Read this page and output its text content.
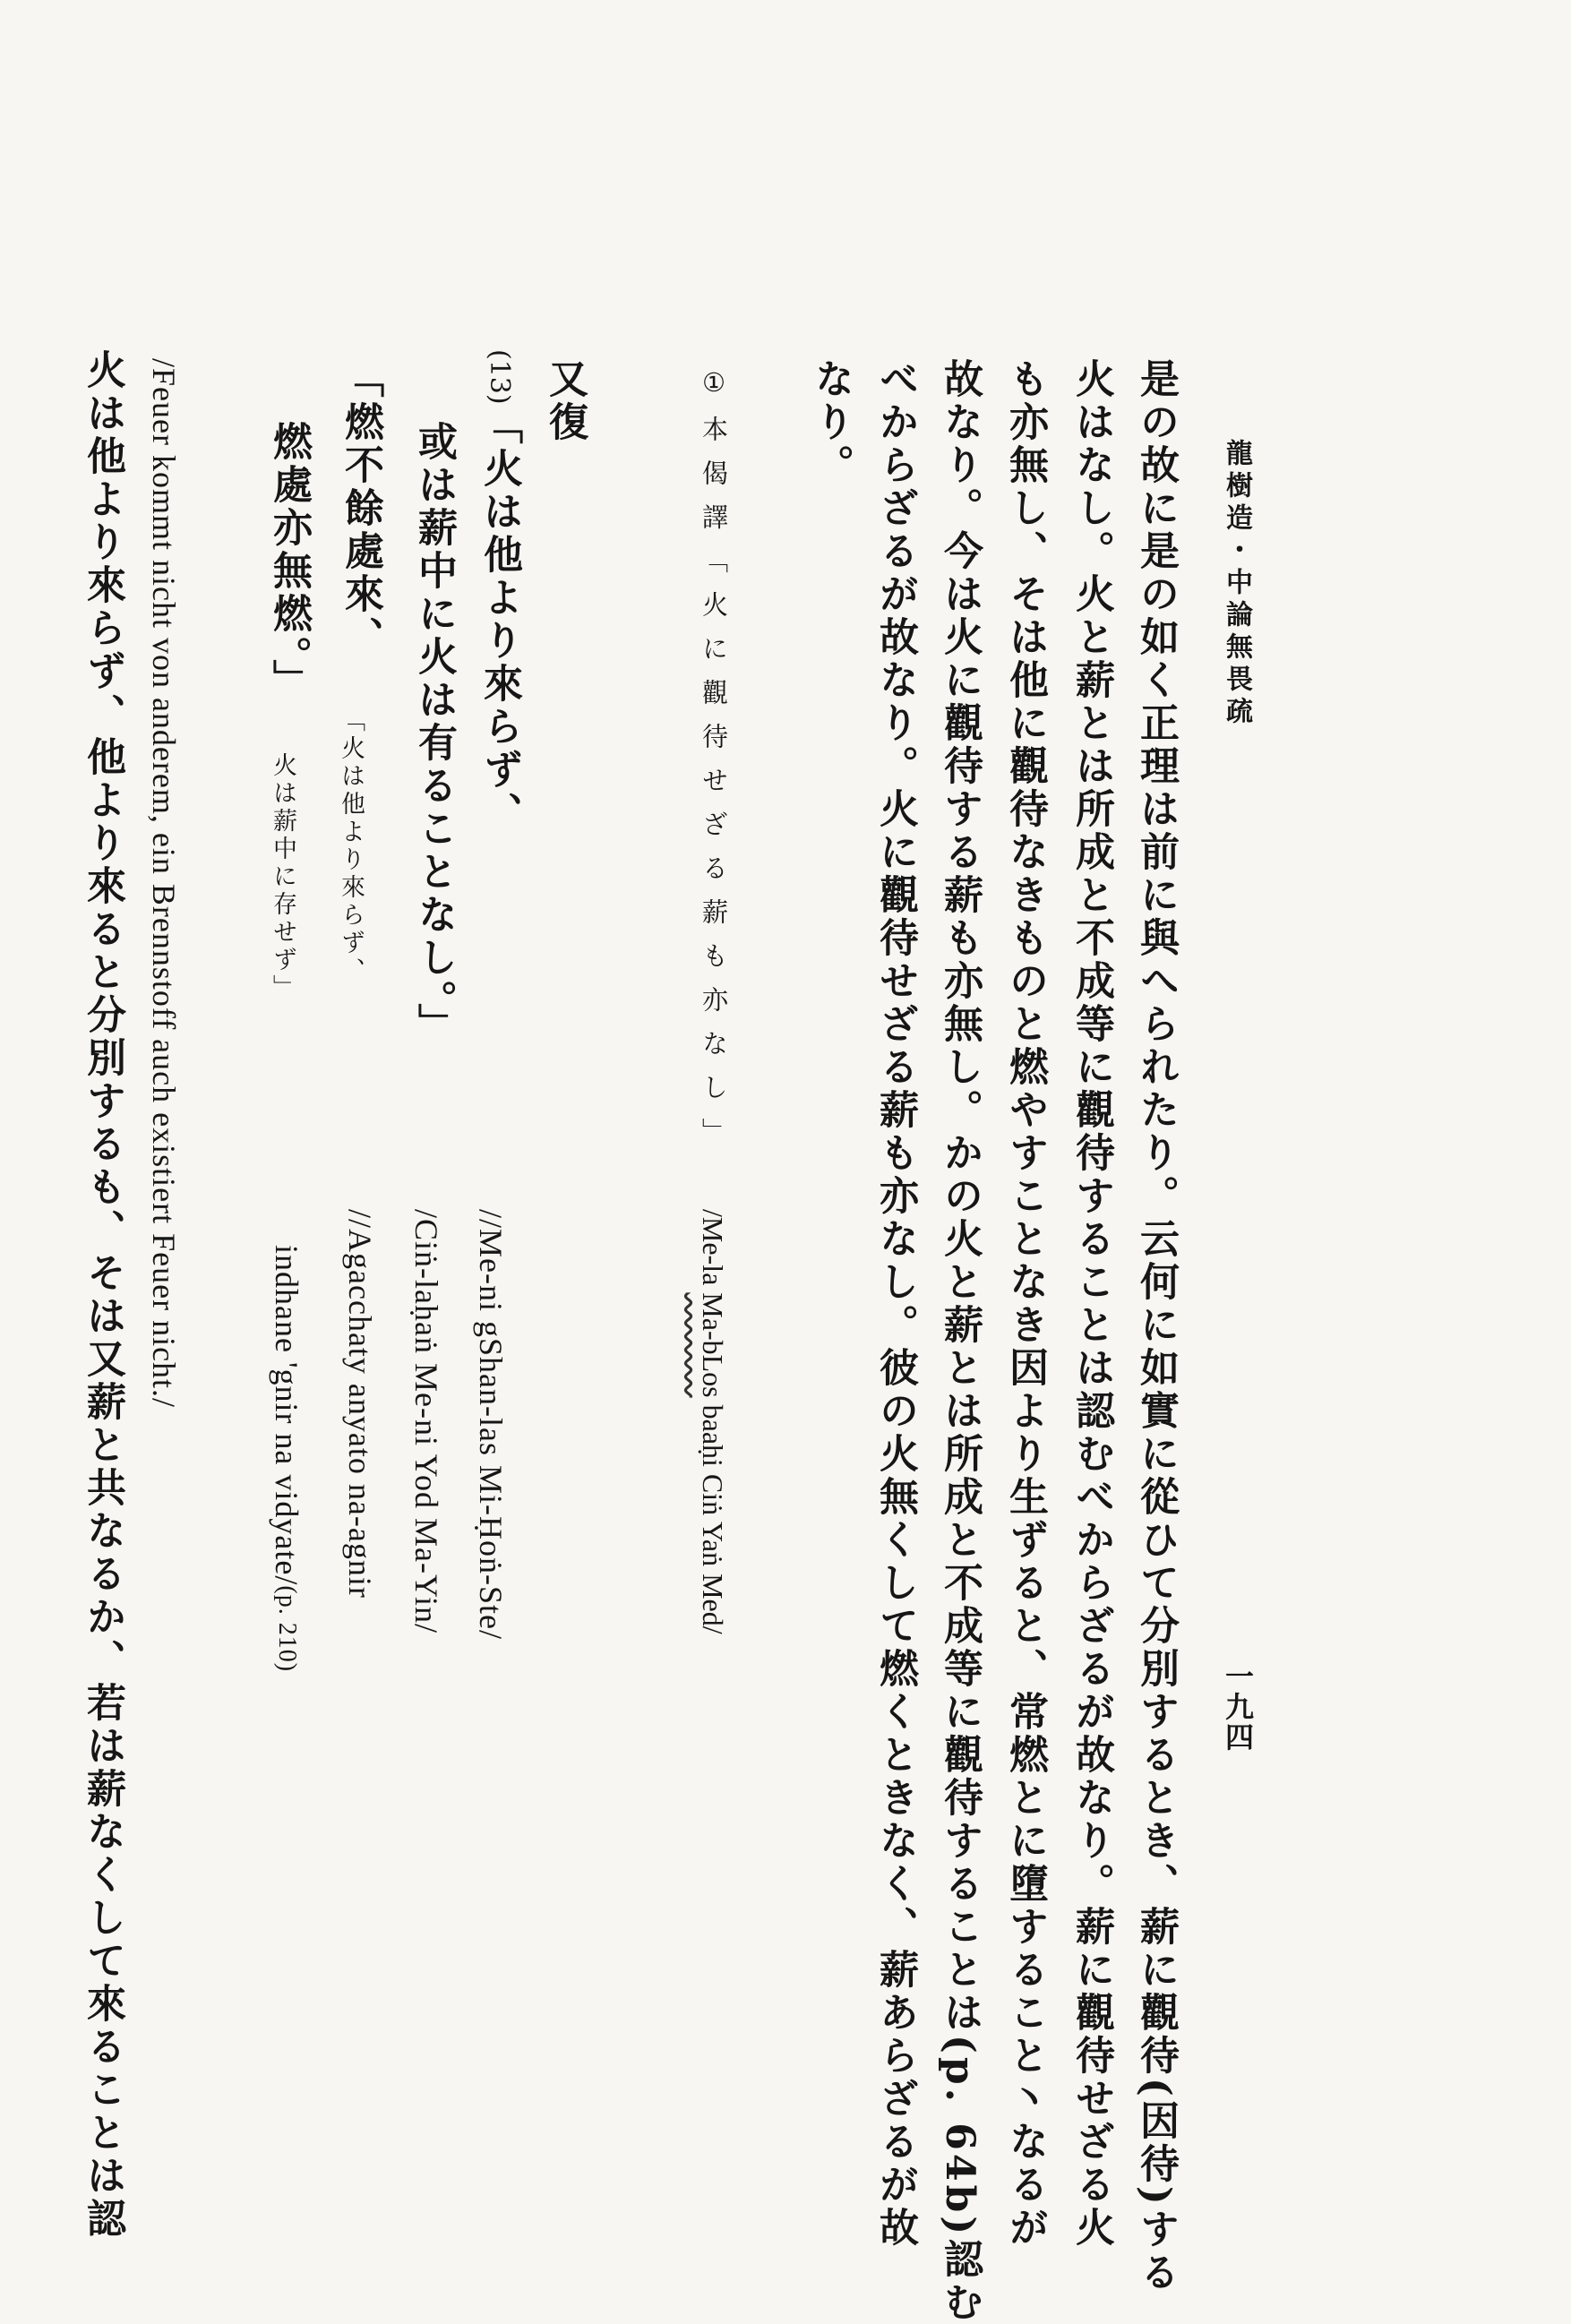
龍樹造・中論無畏疏
一九四
是の故に是の如く正理は前に與へられたり。云何に如實に從ひて分別するとき、薪に觀待(因待)する
火はなし。火と薪とは所成と不成等に觀待することは認むべからざるが故なり。薪に觀待せざる火
も亦無し、そは他に觀待なきものと燃やすことなき因より生ずると、常燃とに墮すること丶なるが
故なり。今は火に觀待する薪も亦無し。かの火と薪とは所成と不成等に觀待することは(p. 64b)認む
べからざるが故なり。火に觀待せざる薪も亦なし。彼の火無くして燃くときなく、薪あらざるが故
なり。
①本偈譯「火に觀待せざる薪も亦なし」
/Me-la Ma-bLos baaḥi Ciṅ Yaṅ Med/
又復
(13)「火は他より來らず、
//Me-ni gShan-las Mi-Ḥoṅ-Ste/
或は薪中に火は有ることなし。」
/Ciṅ-laḥaṅ Me-ni Yod Ma-Yin/
「燃不餘處來、
「火は他より來らず、
//Agacchaty anyato na-agnir
燃處亦無燃。」
火は薪中に存せず」
indhane 'gnir na vidyate/(p. 210)
/Feuer kommt nicht von anderem, ein Brennstoff auch existiert Feuer nicht./
火は他より來らず、他より來ると分別するも、そは又薪と共なるか、若は薪なくして來ることは認
